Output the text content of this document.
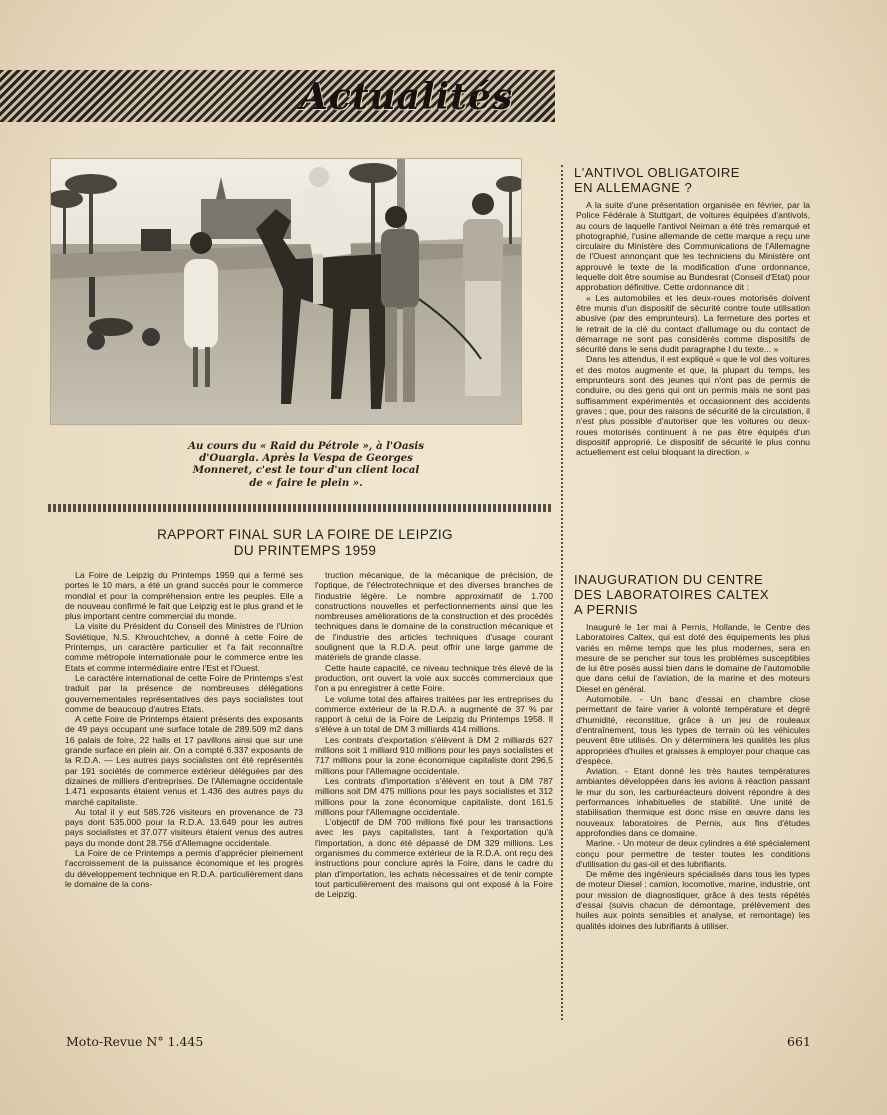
Actualités
Au cours du « Raid du Pétrole », à l'Oasis d'Ouargla. Après la Vespa de Georges Monneret, c'est le tour d'un client local de « faire le plein ».
RAPPORT FINAL SUR LA FOIRE DE LEIPZIG
DU PRINTEMPS 1959

La Foire de Leipzig du Printemps 1959 qui a fermé ses portes le 10 mars, a été un grand succès pour le commerce mondial et pour la compréhension entre les peuples. Elle a de nouveau confirmé le fait que Leipzig est le plus grand et le plus important centre commercial du monde.

La visite du Président du Conseil des Ministres de l'Union Soviétique, N.S. Khrouchtchev, a donné à cette Foire de Printemps, un caractère particulier et l'a fait reconnaître comme métropole internationale pour le commerce entre les Etats et comme intermédiaire entre l'Est et l'Ouest.

Le caractère international de cette Foire de Printemps s'est traduit par la présence de nombreuses délégations gouvernementales représentatives des pays socialistes tout comme de beaucoup d'autres Etats.

A cette Foire de Printemps étaient présents des exposants de 49 pays occupant une surface totale de 289.509 m2 dans 16 palais de foire, 22 halls et 17 pavillons ainsi que sur une grande surface en plein air. On a compté 6.337 exposants de la R.D.A. — Les autres pays socialistes ont été représentés par 191 sociétés de commerce extérieur déléguées par des dizaines de milliers d'entreprises. De l'Allemagne occidentale 1.471 exposants étaient venus et 1.436 des autres pays du marché capitaliste.

Au total il y eut 585.726 visiteurs en provenance de 73 pays dont 535.000 pour la R.D.A. 13.649 pour les autres pays socialistes et 37.077 visiteurs étaient venus des autres pays du monde dont 28.756 d'Allemagne occidentale.

La Foire de ce Printemps a permis d'apprécier pleinement l'accroissement de la puissance économique et les progrès du développement technique en R.D.A. particulièrement dans le domaine de la cons-

truction mécanique, de la mécanique de précision, de l'optique, de l'électrotechnique et des diverses branches de l'industrie légère. Le nombre approximatif de 1.700 constructions nouvelles et perfectionnements ainsi que les nombreuses améliorations de la construction et des procédés techniques dans le domaine de la construction mécanique et de l'industrie des articles techniques d'usage courant soulignent que la R.D.A. peut offrir une large gamme de matériels de grande classe.

Cette haute capacité, ce niveau technique très élevé de la production, ont ouvert la voie aux succès commerciaux que l'on a pu enregistrer à cette Foire.

Le volume total des affaires traitées par les entreprises du commerce extérieur de la R.D.A. a augmenté de 37 % par rapport à celui de la Foire de Leipzig du Printemps 1958. Il s'élève à un total de DM 3 milliards 414 millions.

Les contrats d'exportation s'élèvent à DM 2 milliards 627 millions soit 1 milliard 910 millions pour les pays socialistes et 717 millions pour la zone économique capitaliste dont 296,5 millions pour l'Allemagne occidentale.

Les contrats d'importation s'élèvent en tout à DM 787 millions soit DM 475 millions pour les pays socialistes et 312 millions pour la zone économique capitaliste, dont 161,5 millions pour l'Allemagne occidentale.

L'objectif de DM 700 millions fixé pour les transactions avec les pays capitalistes, tant à l'exportation qu'à l'importation, a donc été dépassé de DM 329 millions. Les organismes du commerce extérieur de la R.D.A. ont reçu des instructions pour conclure après la Foire, dans le cadre du plan d'importation, les achats nécessaires et de tenir compte tout particulièrement des maisons qui ont exposé à la Foire de Leipzig.

L'ANTIVOL OBLIGATOIRE
EN ALLEMAGNE ?

A la suite d'une présentation organisée en février, par la Police Fédérale à Stuttgart, de voitures équipées d'antivols, au cours de laquelle l'antivol Neiman a été très remarqué et photographié, l'usine allemande de cette marque a reçu une circulaire du Ministère des Communications de l'Allemagne de l'Ouest annonçant que les techniciens du Ministère ont approuvé le texte de la modification d'une ordonnance, lequelle doit être soumise au Bundesrat (Conseil d'Etat) pour approbation définitive. Cette ordonnance dit :

« Les automobiles et les deux-roues motorisés doivent être munis d'un dispositif de sécurité contre toute utilisation abusive (par des emprunteurs). La fermeture des portes et le retrait de la clé du contact d'allumage ou du contact de démarrage ne sont pas considérés comme dispositifs de sécurité dans le sens dudit paragraphe I du texte... »

Dans les attendus, il est expliqué « que le vol des voitures et des motos augmente et que, la plupart du temps, les emprunteurs sont des jeunes qui n'ont pas de permis de conduire, ou des gens qui ont un permis mais ne sont pas suffisamment expérimentés et occasionnent des accidents graves ; que, pour des raisons de sécurité de la circulation, il n'est plus possible d'autoriser que les voitures ou deux-roues motorisés continuent à ne pas être équipés d'un dispositif approprié. Le dispositif de sécurité le plus connu actuellement est celui bloquant la direction. »

INAUGURATION DU CENTRE
DES LABORATOIRES CALTEX
A PERNIS

Inauguré le 1er mai à Pernis, Hollande, le Centre des Laboratoires Caltex, qui est doté des équipements les plus variés en même temps que les plus modernes, sera en mesure de se pencher sur tous les problèmes susceptibles de lui être posés aussi bien dans le domaine de l'automobile que dans celui de l'aviation, de la marine et des moteurs Diesel en général.

Automobile. - Un banc d'essai en chambre close permettant de faire varier à volonté température et degré d'humidité, reconstitue, grâce à un jeu de rouleaux d'entraînement, tous les types de terrain où les véhicules peuvent être utilisés. On y déterminera les qualités les plus appropriées d'huiles et graisses à employer pour chaque cas d'espèce.

Aviation. - Etant donné les très hautes températures ambiantes développées dans les avions à réaction passant le mur du son, les carburéacteurs doivent répondre à des performances inhabituelles de stabilité. Une unité de stabilisation thermique est donc mise en œuvre dans les nouveaux laboratoires de Pernis, aux fins d'études approfondies dans ce domaine.

Marine. - Un moteur de deux cylindres a été spécialement conçu pour permettre de tester toutes les conditions d'utilisation du gas-oil et des lubrifiants.

De même des ingénieurs spécialisés dans tous les types de moteur Diesel : camion, locomotive, marine, industrie, ont pour mission de diagnostiquer, grâce à des tests répétés d'essai (suivis chacun de démontage, prélèvement des huiles aux points sensibles et analyse, et remontage) les qualités idoines des lubrifiants à utiliser.

Moto-Revue N° 1.445	661
